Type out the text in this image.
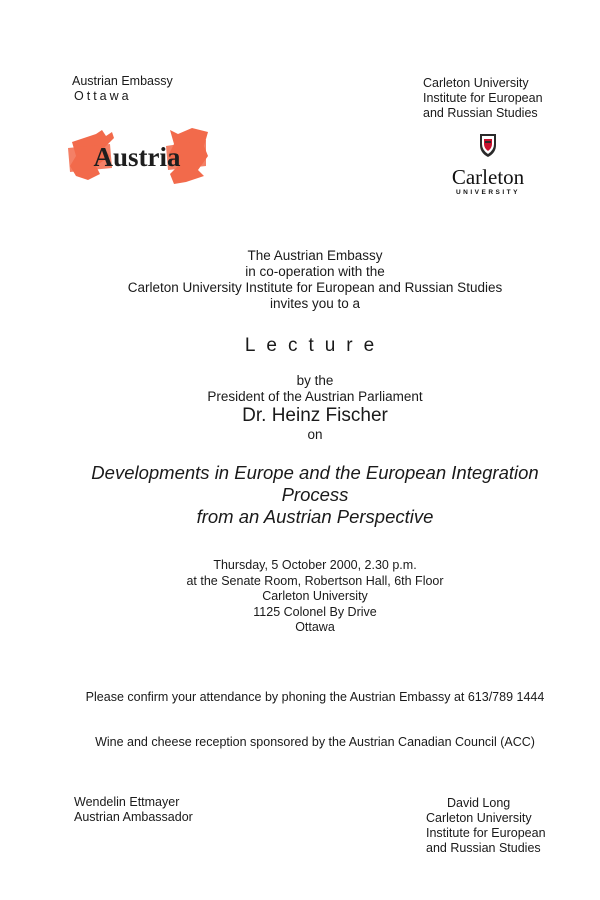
Austrian Embassy
Ottawa
Carleton University
Institute for European
and Russian Studies
Austria
Carleton
UNIVERSITY
The Austrian Embassy
in co-operation with the
Carleton University Institute for European and Russian Studies
invites you to a
Lecture
by the
President of the Austrian Parliament
Dr. Heinz Fischer
on
Developments in Europe and the European Integration
Process
from an Austrian Perspective
Thursday, 5 October 2000, 2.30 p.m.
at the Senate Room, Robertson Hall, 6th Floor
Carleton University
1125 Colonel By Drive
Ottawa
Please confirm your attendance by phoning the Austrian Embassy at 613/789 1444
Wine and cheese reception sponsored by the Austrian Canadian Council (ACC)
Wendelin Ettmayer
Austrian Ambassador
David Long
Carleton University
Institute for European
and Russian Studies
